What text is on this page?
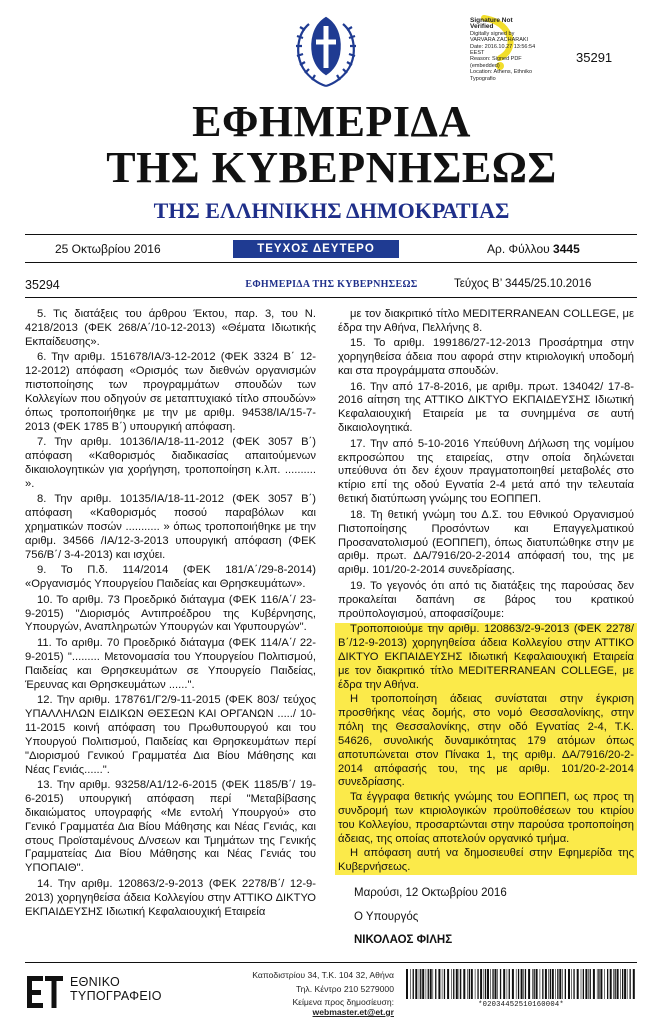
Signature Not
Verified
Digitally signed by
VARVARA ZACHARAKI
Date: 2016.10.27 13:56:54
EEST
Reason: Signed PDF
(embedded)
Location: Athens, Ethniko
Typografio
35291
ΕΦΗΜΕΡΙΔΑ
ΤΗΣ ΚΥΒΕΡΝΗΣΕΩΣ
ΤΗΣ ΕΛΛΗΝΙΚΗΣ ΔΗΜΟΚΡΑΤΙΑΣ
25 Οκτωβρίου 2016	ΤΕΥΧΟΣ ΔΕΥΤΕΡΟ	Αρ. Φύλλου 3445
35294	ΕΦΗΜΕΡΙΔΑ ΤΗΣ ΚΥΒΕΡΝΗΣΕΩΣ	Τεύχος Β’ 3445/25.10.2016

5. Τις διατάξεις του άρθρου Έκτου, παρ. 3, του Ν. 4218/2013 (ΦΕΚ 268/Α΄/10-12-2013) «Θέματα Ιδιωτικής Εκπαίδευσης».

6. Την αριθμ. 151678/ΙΑ/3-12-2012 (ΦΕΚ 3324 Β΄ 12-12-2012) απόφαση «Ορισμός των διεθνών οργανισμών πιστοποίησης των προγραμμάτων σπουδών των Κολλεγίων που οδηγούν σε μεταπτυχιακό τίτλο σπουδών» όπως τροποποιήθηκε με την με αριθμ. 94538/ΙΑ/15-7-2013 (ΦΕΚ 1785 Β΄) υπουργική απόφαση.

7. Την αριθμ. 10136/ΙΑ/18-11-2012 (ΦΕΚ 3057 Β΄) απόφαση «Καθορισμός διαδικασίας απαιτούμενων δικαιολογητικών για χορήγηση, τροποποίηση κ.λπ. .......... ».

8. Την αριθμ. 10135/ΙΑ/18-11-2012 (ΦΕΚ 3057 Β΄) απόφαση «Καθορισμός ποσού παραβόλων και χρηματικών ποσών ........... » όπως τροποποιήθηκε με την αριθμ. 34566 /ΙΑ/12-3-2013 υπουργική απόφαση (ΦΕΚ 756/Β΄/ 3-4-2013) και ισχύει.

9. Το Π.δ. 114/2014 (ΦΕΚ 181/Α΄/29-8-2014) «Οργανισμός Υπουργείου Παιδείας και Θρησκευμάτων».

10. Το αριθμ. 73 Προεδρικό διάταγμα (ΦΕΚ 116/Α΄/ 23-9-2015) "Διορισμός Αντιπροέδρου της Κυβέρνησης, Υπουργών, Αναπληρωτών Υπουργών και Υφυπουργών".

11. Το αριθμ. 70 Προεδρικό διάταγμα (ΦΕΚ 114/Α΄/ 22-9-2015) "......... Μετονομασία του Υπουργείου Πολιτισμού, Παιδείας και Θρησκευμάτων σε Υπουργείο Παιδείας, Έρευνας και Θρησκευμάτων ......".

12. Την αριθμ. 178761/Γ2/9-11-2015 (ΦΕΚ 803/ τεύχος ΥΠΑΛΛΗΛΩΝ ΕΙΔΙΚΩΝ ΘΕΣΕΩΝ ΚΑΙ ΟΡΓΑΝΩΝ ...../ 10-11-2015 κοινή απόφαση του Πρωθυπουργού και του Υπουργού Πολιτισμού, Παιδείας και Θρησκευμάτων περί "Διορισμού Γενικού Γραμματέα Δια Βίου Μάθησης και Νέας Γενιάς......".

13. Την αριθμ. 93258/Α1/12-6-2015 (ΦΕΚ 1185/Β΄/ 19-6-2015) υπουργική απόφαση περί "Μεταβίβασης δικαιώματος υπογραφής «Με εντολή Υπουργού» στο Γενικό Γραμματέα Δια Βίου Μάθησης και Νέας Γενιάς, και στους Προϊσταμένους Δ/νσεων και Τμημάτων της Γενικής Γραμματείας Δια Βίου Μάθησης και Νέας Γενιάς του ΥΠΟΠΑΙΘ".

14. Την αριθμ. 120863/2-9-2013 (ΦΕΚ 2278/Β΄/ 12-9-2013) χορηγηθείσα άδεια Κολλεγίου στην ΑΤΤΙΚΟ ΔΙΚΤΥΟ ΕΚΠΑΙΔΕΥΣΗΣ Ιδιωτική Κεφαλαιουχική Εταιρεία

με τον διακριτικό τίτλο MEDITERRANEAN COLLEGE, με έδρα την Αθήνα, Πελλήνης 8.

15. Το αριθμ. 199186/27-12-2013 Προσάρτημα στην χορηγηθείσα άδεια που αφορά στην κτιριολογική υποδομή και στα προγράμματα σπουδών.

16. Την από 17-8-2016, με αριθμ. πρωτ. 134042/ 17-8-2016 αίτηση της ΑΤΤΙΚΟ ΔΙΚΤΥΟ ΕΚΠΑΙΔΕΥΣΗΣ Ιδιωτική Κεφαλαιουχική Εταιρεία με τα συνημμένα σε αυτή δικαιολογητικά.

17. Την από 5-10-2016 Υπεύθυνη Δήλωση της νομίμου εκπροσώπου της εταιρείας, στην οποία δηλώνεται υπεύθυνα ότι δεν έχουν πραγματοποιηθεί μεταβολές στο κτίριο επί της οδού Εγνατία 2-4 μετά από την τελευταία θετική διατύπωση γνώμης του ΕΟΠΠΕΠ.

18. Τη θετική γνώμη του Δ.Σ. του Εθνικού Οργανισμού Πιστοποίησης Προσόντων και Επαγγελματικού Προσανατολισμού (ΕΟΠΠΕΠ), όπως διατυπώθηκε στην με αριθμ. πρωτ. ΔΑ/7916/20-2-2014 απόφασή του, της με αριθμ. 101/20-2-2014 συνεδρίασης.

19. Το γεγονός ότι από τις διατάξεις της παρούσας δεν προκαλείται δαπάνη σε βάρος του κρατικού προϋπολογισμού, αποφασίζουμε:

Τροποποιούμε την αριθμ. 120863/2-9-2013 (ΦΕΚ 2278/ Β΄/12-9-2013) χορηγηθείσα άδεια Κολλεγίου στην ΑΤΤΙΚΟ ΔΙΚΤΥΟ ΕΚΠΑΙΔΕΥΣΗΣ Ιδιωτική Κεφαλαιουχική Εταιρεία με τον διακριτικό τίτλο MEDITERRANEAN COLLEGE, με έδρα την Αθήνα.

Η τροποποίηση άδειας συνίσταται στην έγκριση προσθήκης νέας δομής, στο νομό Θεσσαλονίκης, στην πόλη της Θεσσαλονίκης, στην οδό Εγνατίας 2-4, Τ.Κ. 54626, συνολικής δυναμικότητας 179 ατόμων όπως αποτυπώνεται στον Πίνακα 1, της αριθμ. ΔΑ/7916/20-2-2014 απόφασής του, της με αριθμ. 101/20-2-2014 συνεδρίασης.

Τα έγγραφα θετικής γνώμης του ΕΟΠΠΕΠ, ως προς τη συνδρομή των κτιριολογικών προϋποθέσεων του κτιρίου του Κολλεγίου, προσαρτώνται στην παρούσα τροποποίηση άδειας, της οποίας αποτελούν οργανικό τμήμα.

Η απόφαση αυτή να δημοσιευθεί στην Εφημερίδα της Κυβερνήσεως.

Μαρούσι, 12 Οκτωβρίου 2016
Ο Υπουργός
ΝΙΚΟΛΑΟΣ ΦΙΛΗΣ
ΕΘΝΙΚΟ
ΤΥΠΟΓΡΑΦΕΙΟ
Καποδιστρίου 34, Τ.Κ. 104 32, Αθήνα
Τηλ. Κέντρο 210 5279000
Κείμενα προς δημοσίευση: webmaster.et@et.gr
*02034452510160004*
